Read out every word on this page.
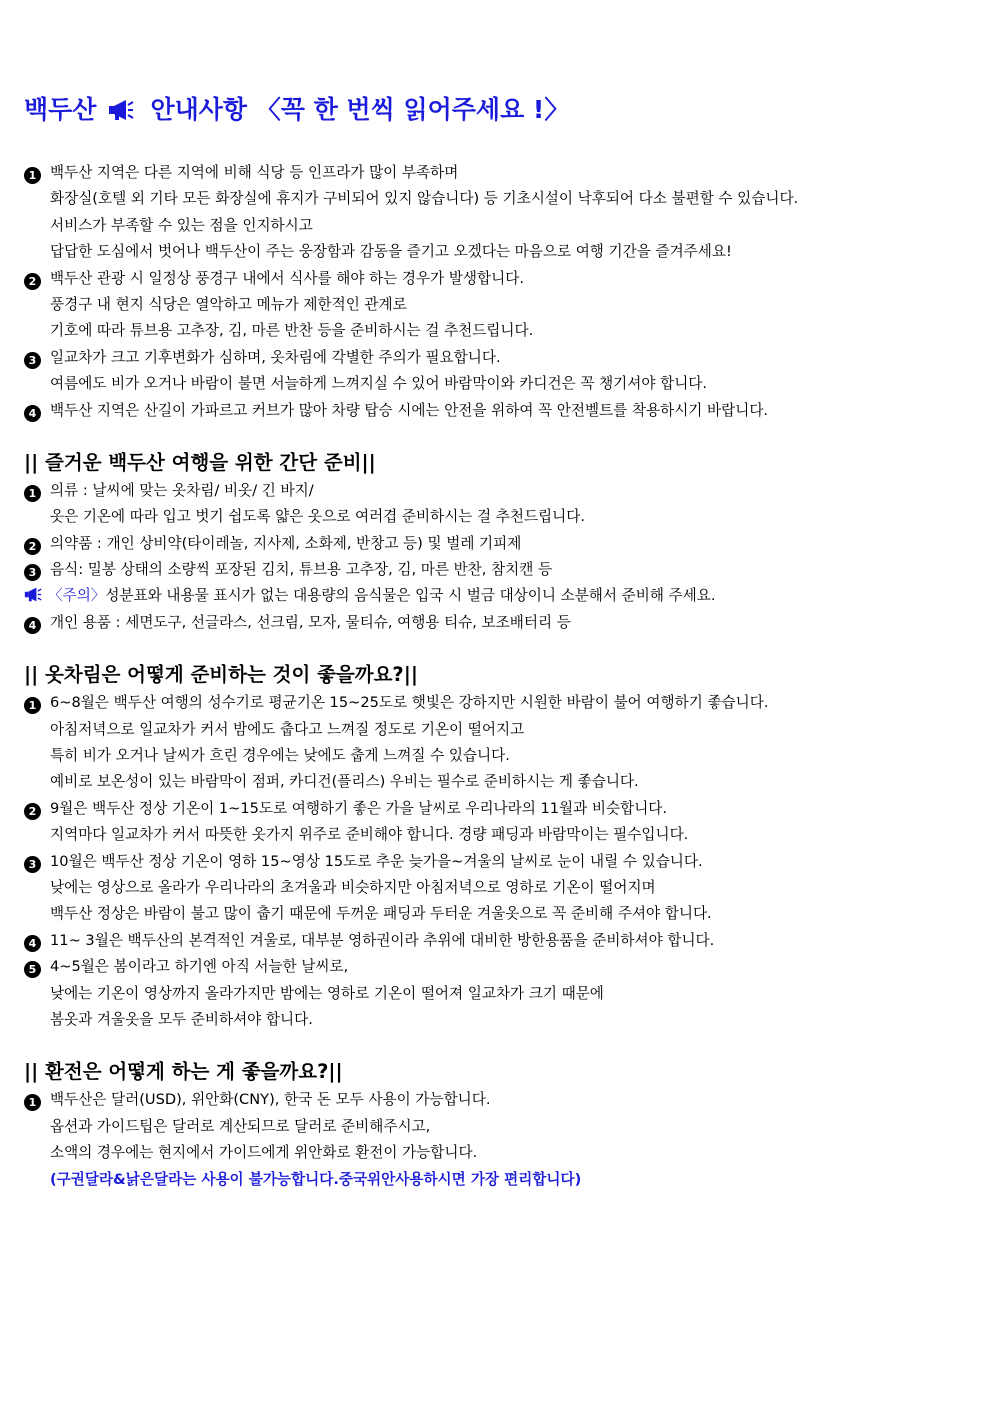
백두산 안내사항 〈꼭 한 번씩 읽어주세요 !〉
1 백두산 지역은 다른 지역에 비해 식당 등 인프라가 많이 부족하며
화장실(호텔 외 기타 모든 화장실에 휴지가 구비되어 있지 않습니다) 등 기초시설이 낙후되어 다소 불편할 수 있습니다.
서비스가 부족할 수 있는 점을 인지하시고
답답한 도심에서 벗어나 백두산이 주는 웅장함과 감동을 즐기고 오겠다는 마음으로 여행 기간을 즐겨주세요!
2 백두산 관광 시 일정상 풍경구 내에서 식사를 해야 하는 경우가 발생합니다.
풍경구 내 현지 식당은 열악하고 메뉴가 제한적인 관계로
기호에 따라 튜브용 고추장, 김, 마른 반찬 등을 준비하시는 걸 추천드립니다.
3 일교차가 크고 기후변화가 심하며, 옷차림에 각별한 주의가 필요합니다.
여름에도 비가 오거나 바람이 불면 서늘하게 느껴지실 수 있어 바람막이와 카디건은 꼭 챙기셔야 합니다.
4 백두산 지역은 산길이 가파르고 커브가 많아 차량 탑승 시에는 안전을 위하여 꼭 안전벨트를 착용하시기 바랍니다.
|| 즐거운 백두산 여행을 위한 간단 준비||
1 의류 : 날씨에 맞는 옷차림/ 비옷/ 긴 바지/
옷은 기온에 따라 입고 벗기 쉽도록 얇은 옷으로 여러겹 준비하시는 걸 추천드립니다.
2 의약품 : 개인 상비약(타이레놀, 지사제, 소화제, 반창고 등) 및 벌레 기피제
3 음식: 밀봉 상태의 소량씩 포장된 김치, 튜브용 고추장, 김, 마른 반찬, 참치캔 등
〈주의〉성분표와 내용물 표시가 없는 대용량의 음식물은 입국 시 벌금 대상이니 소분해서 준비해 주세요.
4 개인 용품 : 세면도구, 선글라스, 선크림, 모자, 물티슈, 여행용 티슈, 보조배터리 등
|| 옷차림은 어떻게 준비하는 것이 좋을까요?||
1 6~8월은 백두산 여행의 성수기로 평균기온 15~25도로 햇빛은 강하지만 시원한 바람이 불어 여행하기 좋습니다.
아침저녁으로 일교차가 커서 밤에도 춥다고 느껴질 정도로 기온이 떨어지고
특히 비가 오거나 날씨가 흐린 경우에는 낮에도 춥게 느껴질 수 있습니다.
예비로 보온성이 있는 바람막이 점퍼, 카디건(플리스) 우비는 필수로 준비하시는 게 좋습니다.
2 9월은 백두산 정상 기온이 1~15도로 여행하기 좋은 가을 날씨로 우리나라의 11월과 비슷합니다.
지역마다 일교차가 커서 따뜻한 옷가지 위주로 준비해야 합니다. 경량 패딩과 바람막이는 필수입니다.
3 10월은 백두산 정상 기온이 영하 15~영상 15도로 추운 늦가을~겨울의 날씨로 눈이 내릴 수 있습니다.
낮에는 영상으로 올라가 우리나라의 초겨울과 비슷하지만 아침저녁으로 영하로 기온이 떨어지며
백두산 정상은 바람이 불고 많이 춥기 때문에 두꺼운 패딩과 두터운 겨울옷으로 꼭 준비해 주셔야 합니다.
4 11~ 3월은 백두산의 본격적인 겨울로, 대부분 영하권이라 추위에 대비한 방한용품을 준비하셔야 합니다.
5 4~5월은 봄이라고 하기엔 아직 서늘한 날씨로,
낮에는 기온이 영상까지 올라가지만 밤에는 영하로 기온이 떨어져 일교차가 크기 때문에
봄옷과 겨울옷을 모두 준비하셔야 합니다.
|| 환전은 어떻게 하는 게 좋을까요?||
1 백두산은 달러(USD), 위안화(CNY), 한국 돈 모두 사용이 가능합니다.
옵션과 가이드팁은 달러로 계산되므로 달러로 준비해주시고,
소액의 경우에는 현지에서 가이드에게 위안화로 환전이 가능합니다.
(구권달라&낡은달라는 사용이 불가능합니다.중국위안사용하시면 가장 편리합니다)
